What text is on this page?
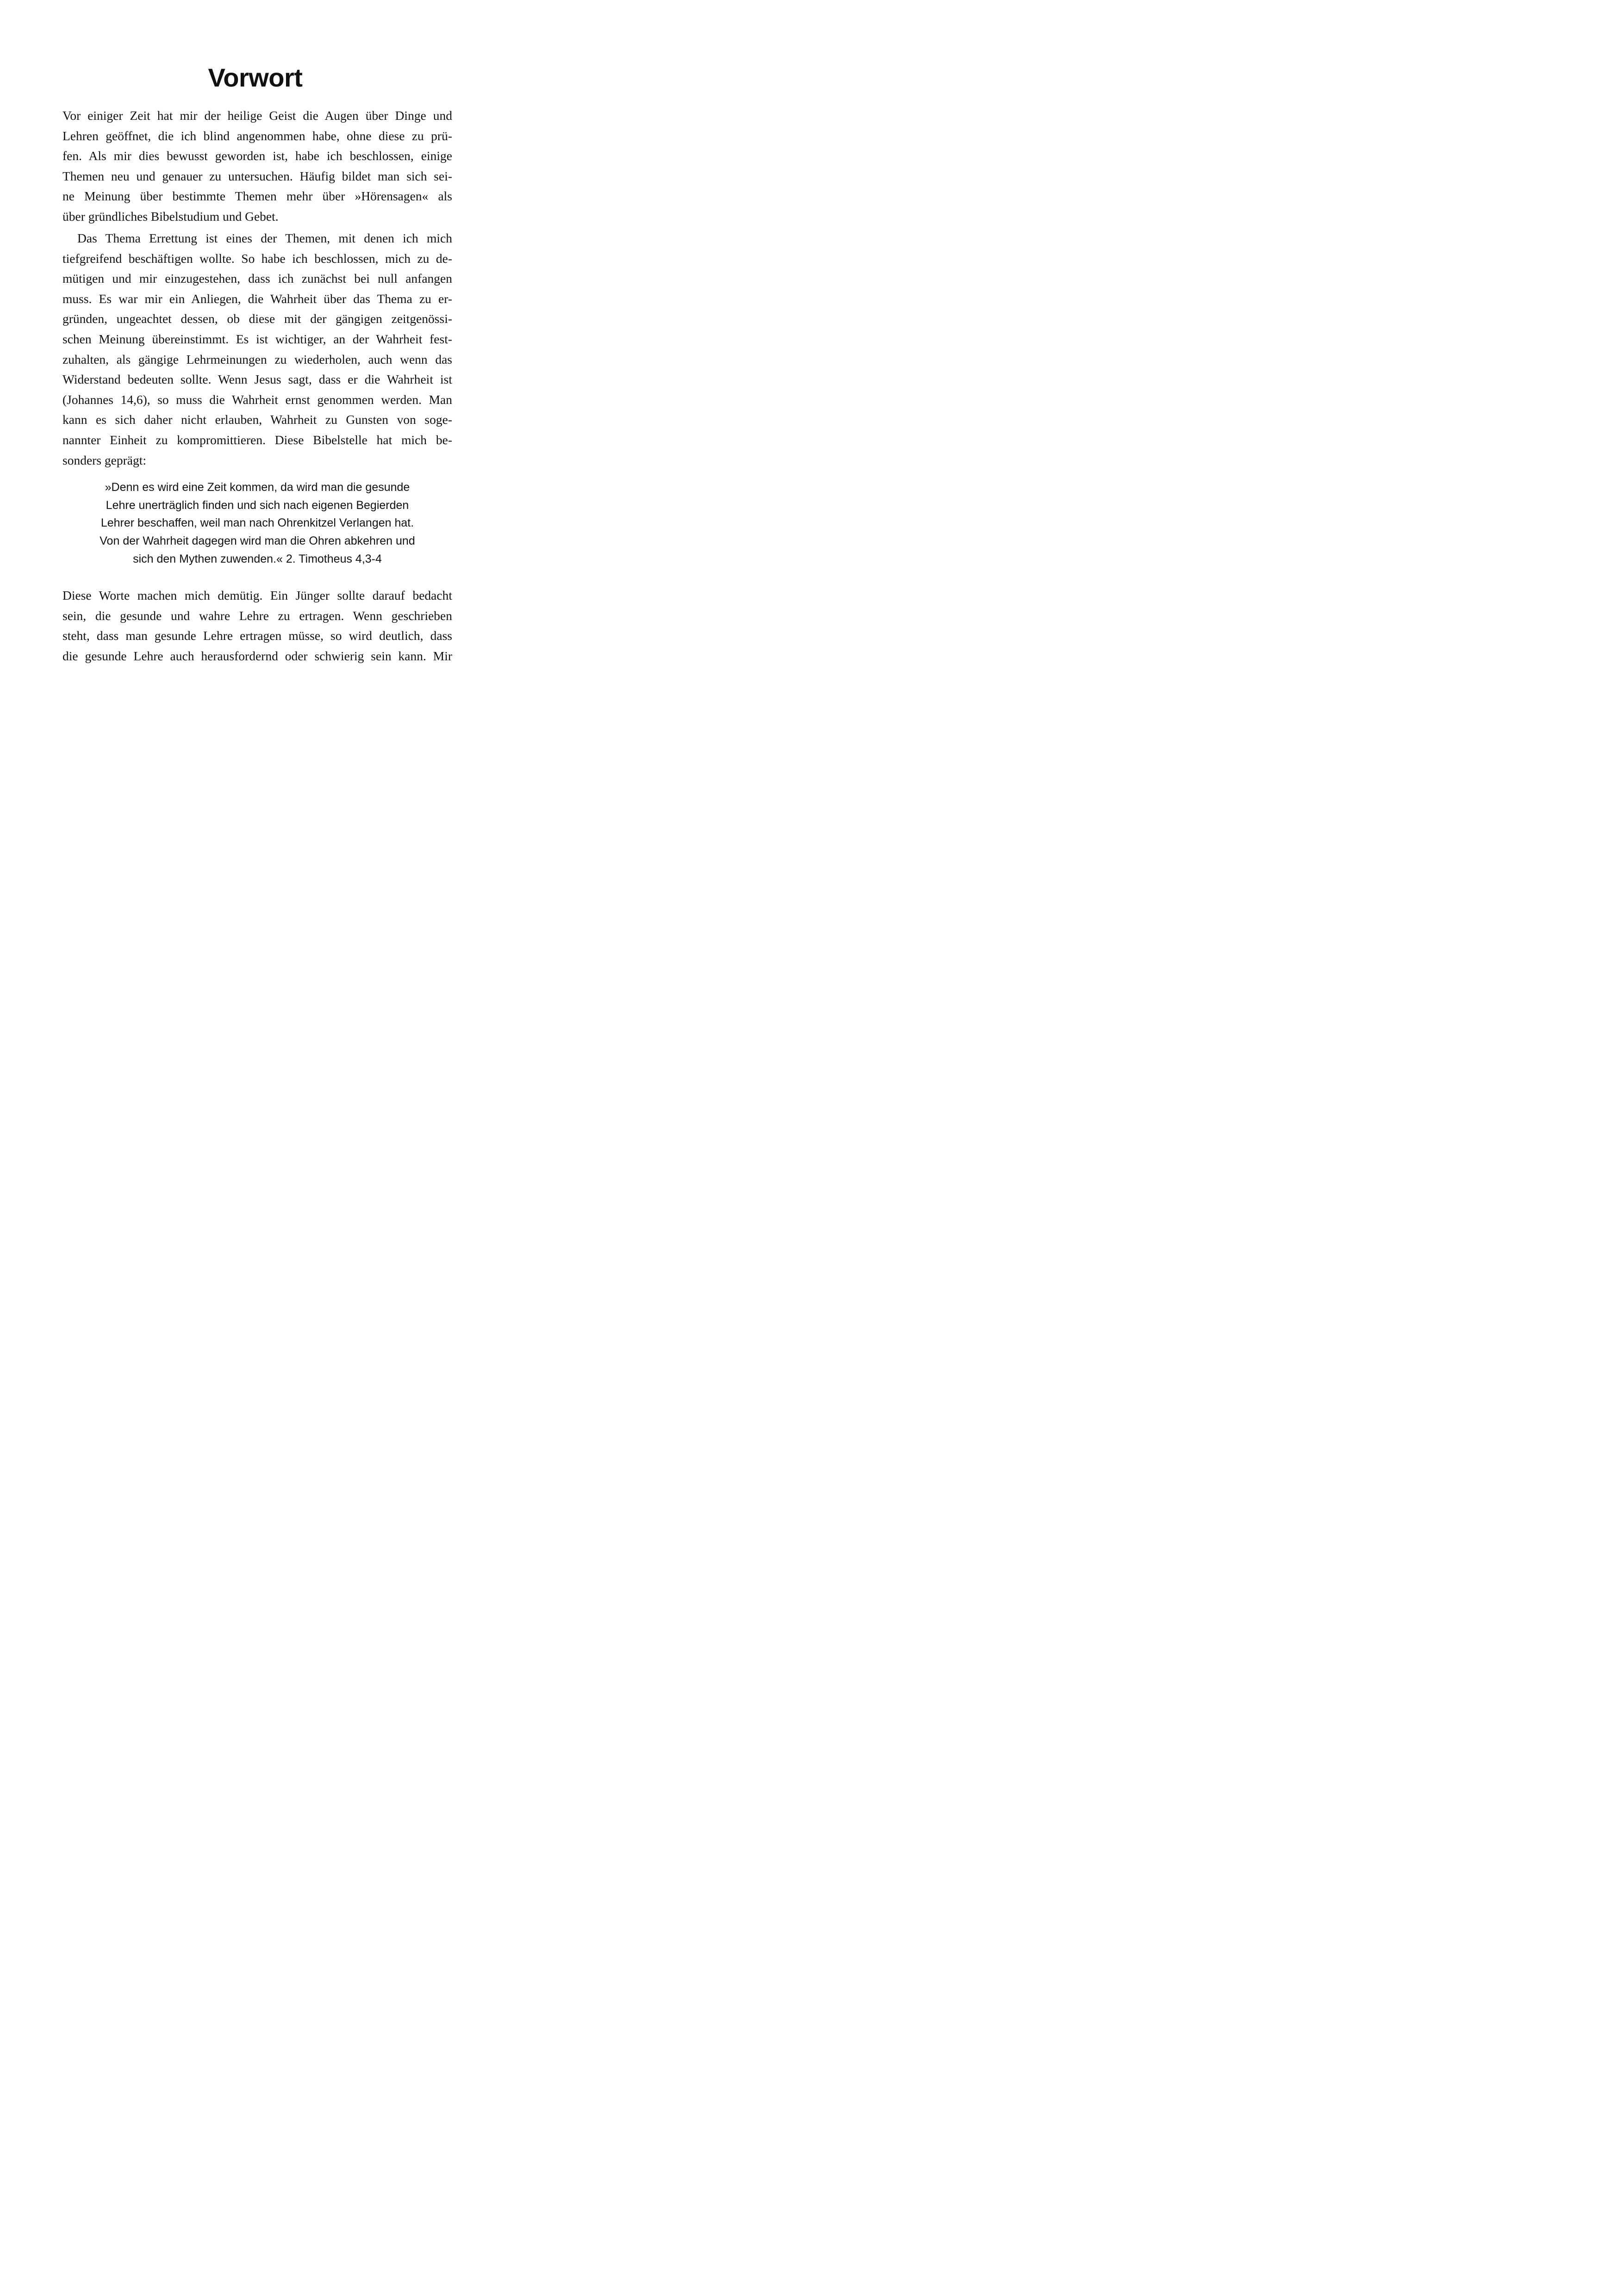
Vorwort
Vor einiger Zeit hat mir der heilige Geist die Augen über Dinge und
Lehren geöffnet, die ich blind angenommen habe, ohne diese zu prü-
fen. Als mir dies bewusst geworden ist, habe ich beschlossen, einige
Themen neu und genauer zu untersuchen. Häufig bildet man sich sei-
ne Meinung über bestimmte Themen mehr über »Hörensagen« als
über gründliches Bibelstudium und Gebet.
Das Thema Errettung ist eines der Themen, mit denen ich mich
tiefgreifend beschäftigen wollte. So habe ich beschlossen, mich zu de-
mütigen und mir einzugestehen, dass ich zunächst bei null anfangen
muss. Es war mir ein Anliegen, die Wahrheit über das Thema zu er-
gründen, ungeachtet dessen, ob diese mit der gängigen zeitgenössi-
schen Meinung übereinstimmt. Es ist wichtiger, an der Wahrheit fest-
zuhalten, als gängige Lehrmeinungen zu wiederholen, auch wenn das
Widerstand bedeuten sollte. Wenn Jesus sagt, dass er die Wahrheit ist
(Johannes 14,6), so muss die Wahrheit ernst genommen werden. Man
kann es sich daher nicht erlauben, Wahrheit zu Gunsten von soge-
nannter Einheit zu kompromittieren. Diese Bibelstelle hat mich be-
sonders geprägt:
»Denn es wird eine Zeit kommen, da wird man die gesunde
Lehre unerträglich finden und sich nach eigenen Begierden
Lehrer beschaffen, weil man nach Ohrenkitzel Verlangen hat.
Von der Wahrheit dagegen wird man die Ohren abkehren und
sich den Mythen zuwenden.« 2. Timotheus 4,3-4
Diese Worte machen mich demütig. Ein Jünger sollte darauf bedacht
sein, die gesunde und wahre Lehre zu ertragen. Wenn geschrieben
steht, dass man gesunde Lehre ertragen müsse, so wird deutlich, dass
die gesunde Lehre auch herausfordernd oder schwierig sein kann. Mir
